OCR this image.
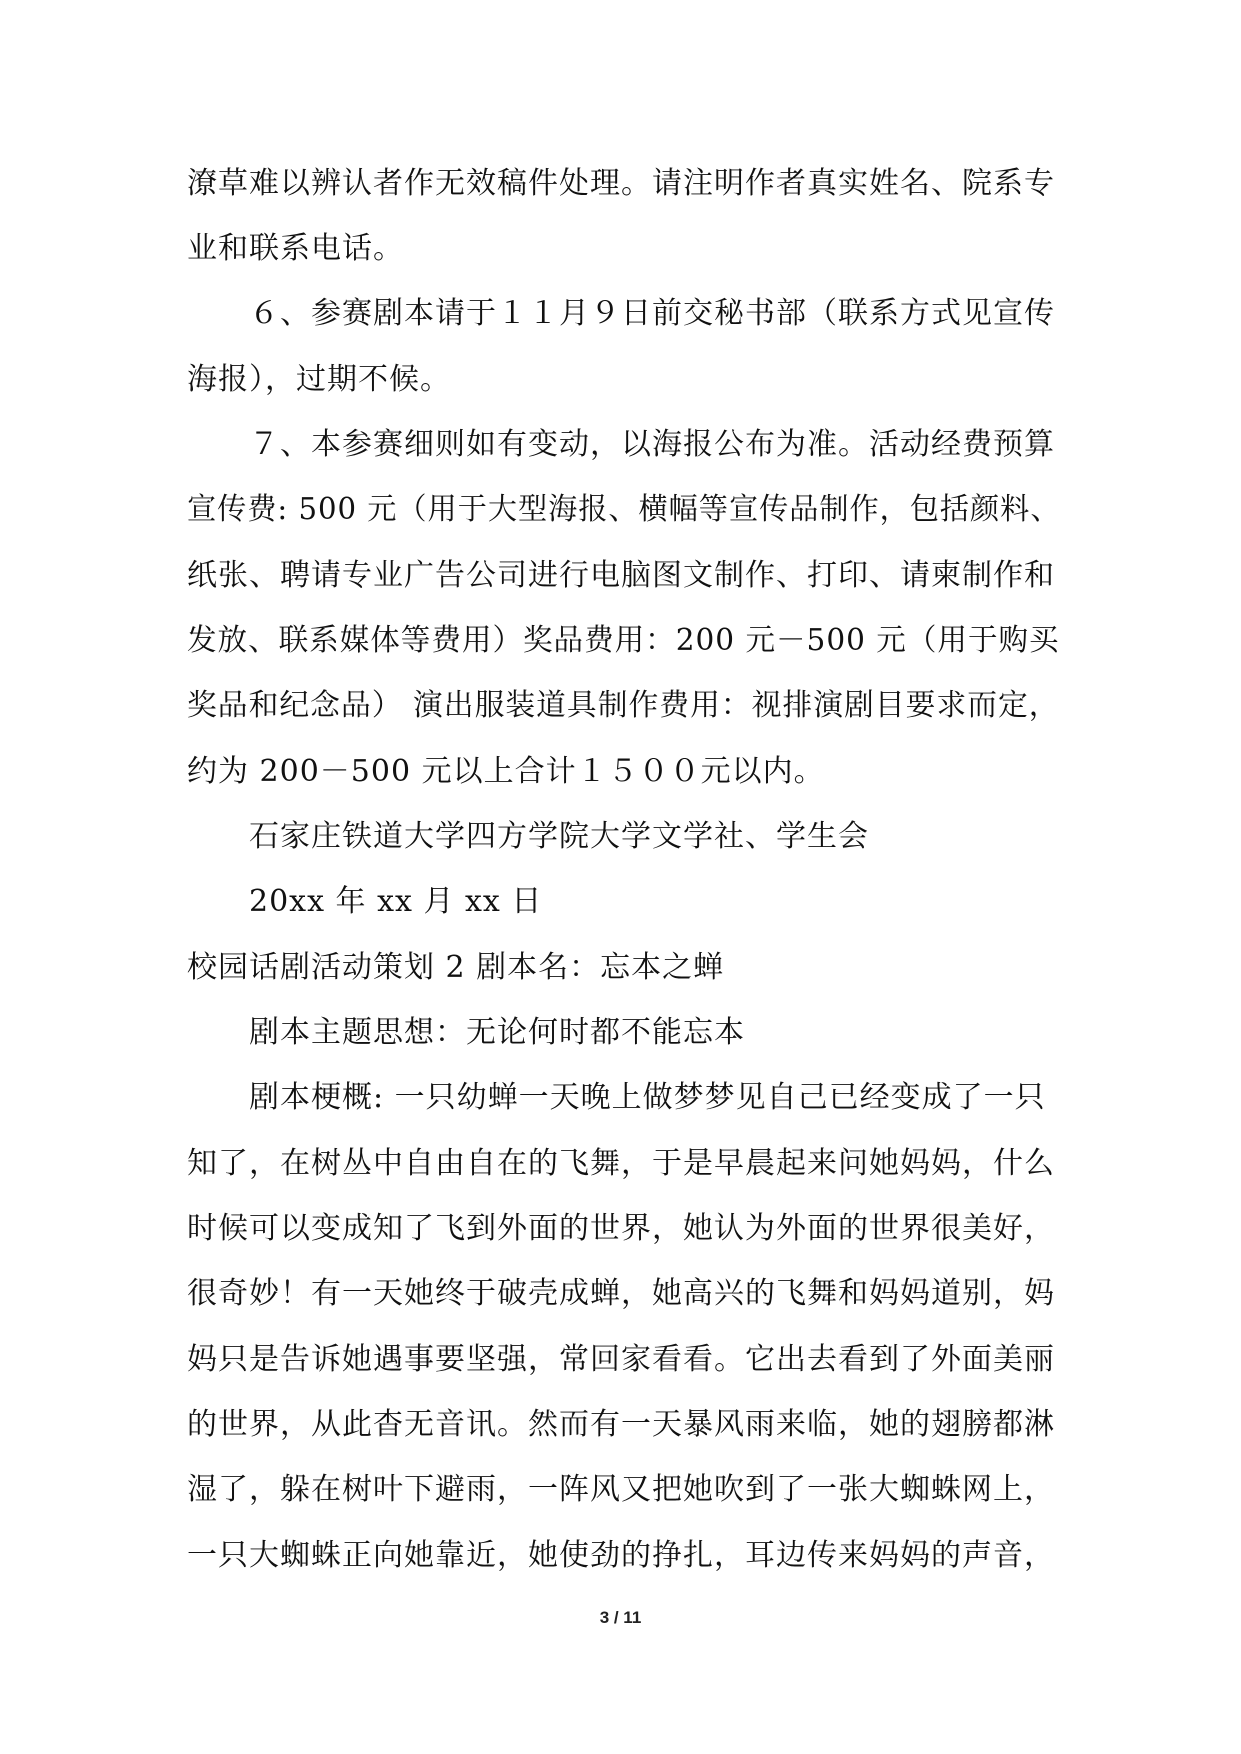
潦草难以辨认者作无效稿件处理。请注明作者真实姓名、院系专
业和联系电话。
６、参赛剧本请于１１月９日前交秘书部（联系方式见宣传
海报），过期不候。
７、本参赛细则如有变动，以海报公布为准。活动经费预算
宣传费: 500 元（用于大型海报、横幅等宣传品制作，包括颜料、
纸张、聘请专业广告公司进行电脑图文制作、打印、请柬制作和
发放、联系媒体等费用）奖品费用：200 元－500 元（用于购买
奖品和纪念品） 演出服装道具制作费用：视排演剧目要求而定，
约为 200－500 元以上合计１５００元以内。
石家庄铁道大学四方学院大学文学社、学生会
20xx 年 xx 月 xx 日
校园话剧活动策划 2 剧本名：忘本之蝉
剧本主题思想：无论何时都不能忘本
剧本梗概: 一只幼蝉一天晚上做梦梦见自己已经变成了一只
知了，在树丛中自由自在的飞舞，于是早晨起来问她妈妈，什么
时候可以变成知了飞到外面的世界，她认为外面的世界很美好，
很奇妙！有一天她终于破壳成蝉，她高兴的飞舞和妈妈道别，妈
妈只是告诉她遇事要坚强，常回家看看。它出去看到了外面美丽
的世界，从此杳无音讯。然而有一天暴风雨来临，她的翅膀都淋
湿了，躲在树叶下避雨，一阵风又把她吹到了一张大蜘蛛网上，
一只大蜘蛛正向她靠近，她使劲的挣扎，耳边传来妈妈的声音，
3 / 11
